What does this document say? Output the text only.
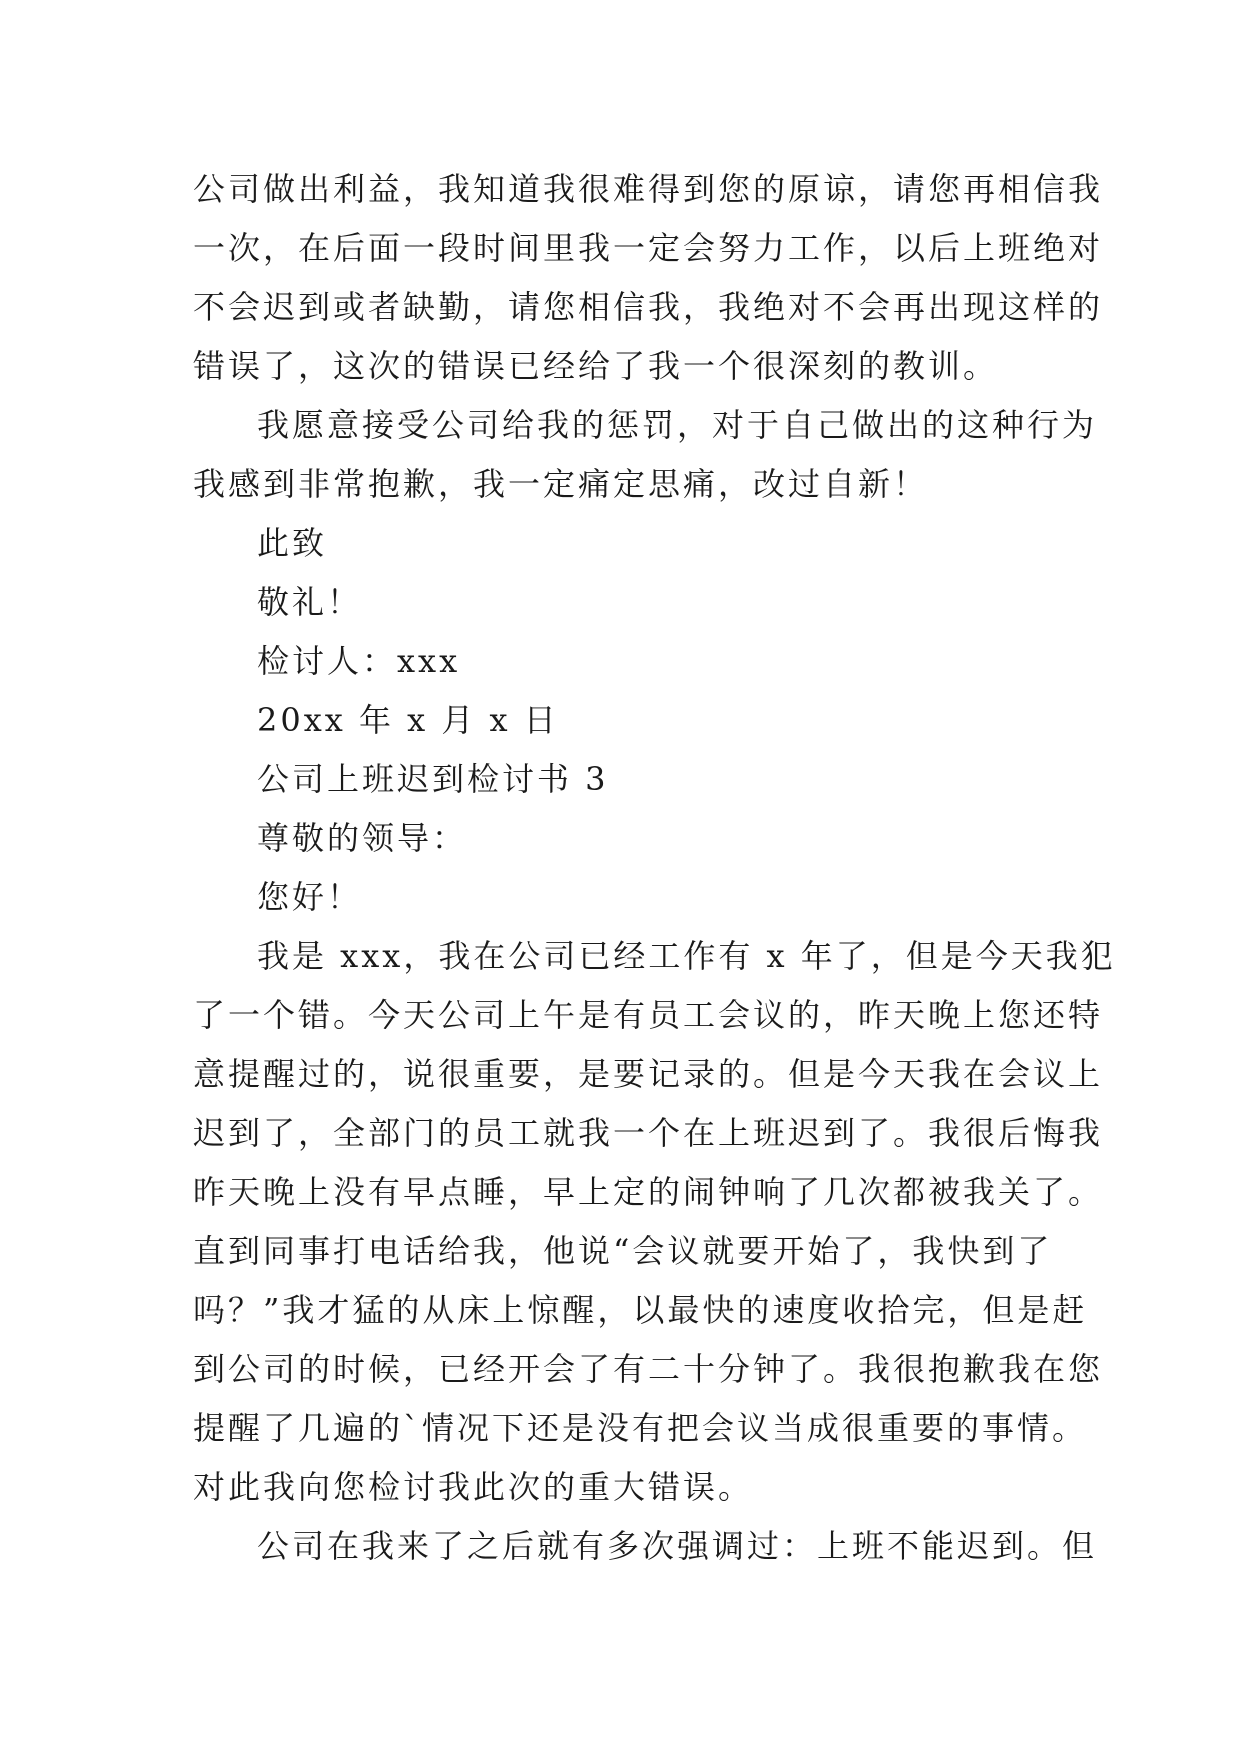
公司做出利益，我知道我很难得到您的原谅，请您再相信我
一次，在后面一段时间里我一定会努力工作，以后上班绝对
不会迟到或者缺勤，请您相信我，我绝对不会再出现这样的
错误了，这次的错误已经给了我一个很深刻的教训。

我愿意接受公司给我的惩罚，对于自己做出的这种行为
我感到非常抱歉，我一定痛定思痛，改过自新！

此致

敬礼！

检讨人：xxx

20xx 年 x 月 x 日

公司上班迟到检讨书 3

尊敬的领导：

您好！

我是 xxx，我在公司已经工作有 x 年了，但是今天我犯
了一个错。今天公司上午是有员工会议的，昨天晚上您还特
意提醒过的，说很重要，是要记录的。但是今天我在会议上
迟到了，全部门的员工就我一个在上班迟到了。我很后悔我
昨天晚上没有早点睡，早上定的闹钟响了几次都被我关了。
直到同事打电话给我，他说“会议就要开始了，我快到了
吗？”我才猛的从床上惊醒，以最快的速度收拾完，但是赶
到公司的时候，已经开会了有二十分钟了。我很抱歉我在您
提醒了几遍的`情况下还是没有把会议当成很重要的事情。
对此我向您检讨我此次的重大错误。

公司在我来了之后就有多次强调过：上班不能迟到。但
